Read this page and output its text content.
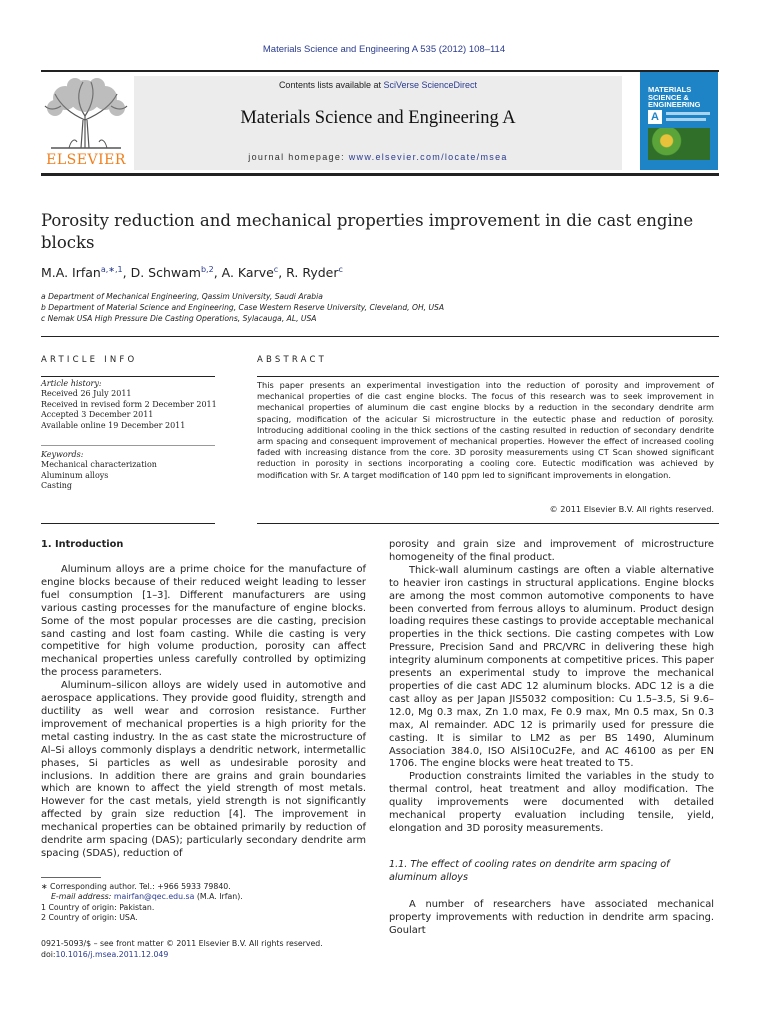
Materials Science and Engineering A 535 (2012) 108–114
ELSEVIER
Contents lists available at SciVerse ScienceDirect
Materials Science and Engineering A
journal homepage: www.elsevier.com/locate/msea
MATERIALS
SCIENCE &
ENGINEERING
A
Porosity reduction and mechanical properties improvement in die cast engine blocks
M.A. Irfan$^{a,∗,1}$, D. Schwam$^{b,2}$, A. Karve$^c$, R. Ryder$^c$
a Department of Mechanical Engineering, Qassim University, Saudi Arabia
b Department of Material Science and Engineering, Case Western Reserve University, Cleveland, OH, USA
c Nemak USA High Pressure Die Casting Operations, Sylacauga, AL, USA
ARTICLE INFO
Article history:
Received 26 July 2011
Received in revised form 2 December 2011
Accepted 3 December 2011
Available online 19 December 2011
Keywords:
Mechanical characterization
Aluminum alloys
Casting
ABSTRACT
This paper presents an experimental investigation into the reduction of porosity and improvement of mechanical properties of die cast engine blocks. The focus of this research was to seek improvement in mechanical properties of aluminum die cast engine blocks by a reduction in the secondary dendrite arm spacing, modification of the acicular Si microstructure in the eutectic phase and reduction of porosity. Introducing additional cooling in the thick sections of the casting resulted in reduction of secondary dendrite arm spacing and consequent improvement of mechanical properties. However the effect of increased cooling faded with increasing distance from the core. 3D porosity measurements using CT Scan showed significant reduction in porosity in sections incorporating a cooling core. Eutectic modification was achieved by modification with Sr. A target modification of 140 ppm led to significant improvements in elongation.
© 2011 Elsevier B.V. All rights reserved.
1. Introduction

Aluminum alloys are a prime choice for the manufacture of engine blocks because of their reduced weight leading to lesser fuel consumption [1–3]. Different manufacturers are using various casting processes for the manufacture of engine blocks. Some of the most popular processes are die casting, precision sand casting and lost foam casting. While die casting is very competitive for high volume production, porosity can affect mechanical properties unless carefully controlled by optimizing the process parameters.

Aluminum–silicon alloys are widely used in automotive and aerospace applications. They provide good fluidity, strength and ductility as well wear and corrosion resistance. Further improvement of mechanical properties is a high priority for the metal casting industry. In the as cast state the microstructure of Al–Si alloys commonly displays a dendritic network, intermetallic phases, Si particles as well as undesirable porosity and inclusions. In addition there are grains and grain boundaries which are known to affect the yield strength of most metals. However for the cast metals, yield strength is not significantly affected by grain size reduction [4]. The improvement in mechanical properties can be obtained primarily by reduction of dendrite arm spacing (DAS); particularly secondary dendrite arm spacing (SDAS), reduction of

porosity and grain size and improvement of microstructure homogeneity of the final product.

Thick-wall aluminum castings are often a viable alternative to heavier iron castings in structural applications. Engine blocks are among the most common automotive components to have been converted from ferrous alloys to aluminum. Product design loading requires these castings to provide acceptable mechanical properties in the thick sections. Die casting competes with Low Pressure, Precision Sand and PRC/VRC in delivering these high integrity aluminum components at competitive prices. This paper presents an experimental study to improve the mechanical properties of die cast ADC 12 aluminum blocks. ADC 12 is a die cast alloy as per Japan JIS5032 composition: Cu 1.5–3.5, Si 9.6–12.0, Mg 0.3 max, Zn 1.0 max, Fe 0.9 max, Mn 0.5 max, Sn 0.3 max, Al remainder. ADC 12 is primarily used for pressure die casting. It is similar to LM2 as per BS 1490, Aluminum Association 384.0, ISO AlSi10Cu2Fe, and AC 46100 as per EN 1706. The engine blocks were heat treated to T5.

Production constraints limited the variables in the study to thermal control, heat treatment and alloy modification. The quality improvements were documented with detailed mechanical property evaluation including tensile, yield, elongation and 3D porosity measurements.

1.1. The effect of cooling rates on dendrite arm spacing of aluminum alloys

A number of researchers have associated mechanical property improvements with reduction in dendrite arm spacing. Goulart

∗ Corresponding author. Tel.: +966 5933 79840.
E-mail address: mairfan@qec.edu.sa (M.A. Irfan).
1 Country of origin: Pakistan.
2 Country of origin: USA.
0921-5093/$ – see front matter © 2011 Elsevier B.V. All rights reserved.
doi:10.1016/j.msea.2011.12.049
